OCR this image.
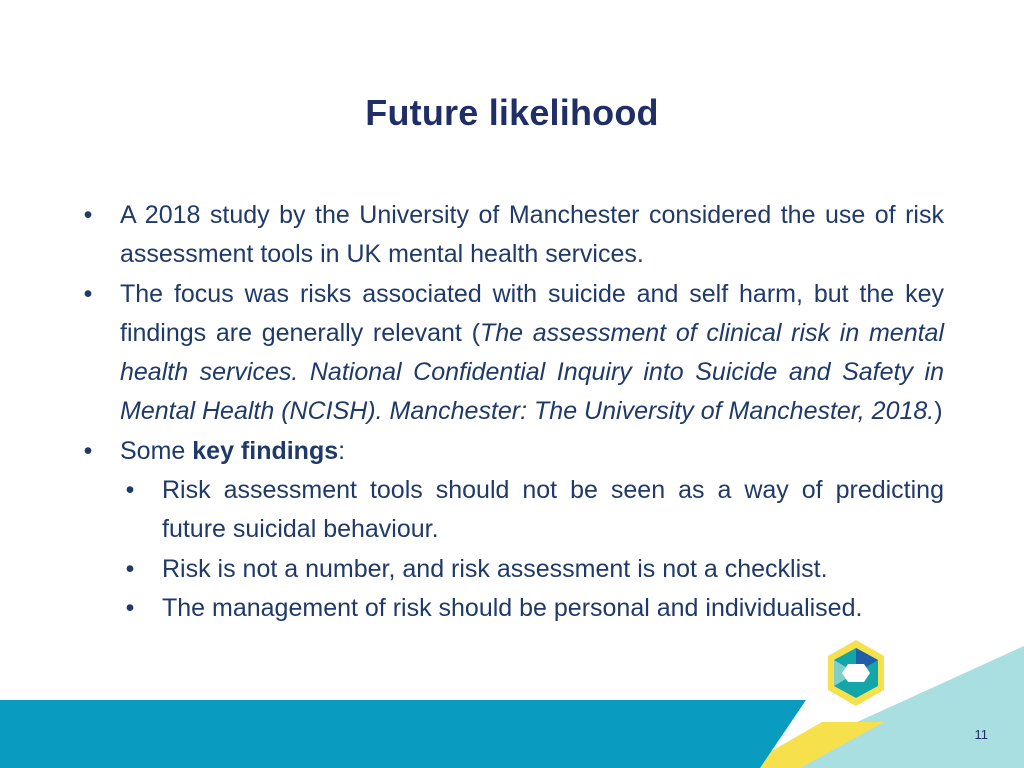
Future likelihood
• A 2018 study by the University of Manchester considered the use of risk assessment tools in UK mental health services.
• The focus was risks associated with suicide and self harm, but the key findings are generally relevant (The assessment of clinical risk in mental health services. National Confidential Inquiry into Suicide and Safety in Mental Health (NCISH). Manchester: The University of Manchester, 2018.)
• Some key findings:
• Risk assessment tools should not be seen as a way of predicting future suicidal behaviour.
• Risk is not a number, and risk assessment is not a checklist.
• The management of risk should be personal and individualised.
11
